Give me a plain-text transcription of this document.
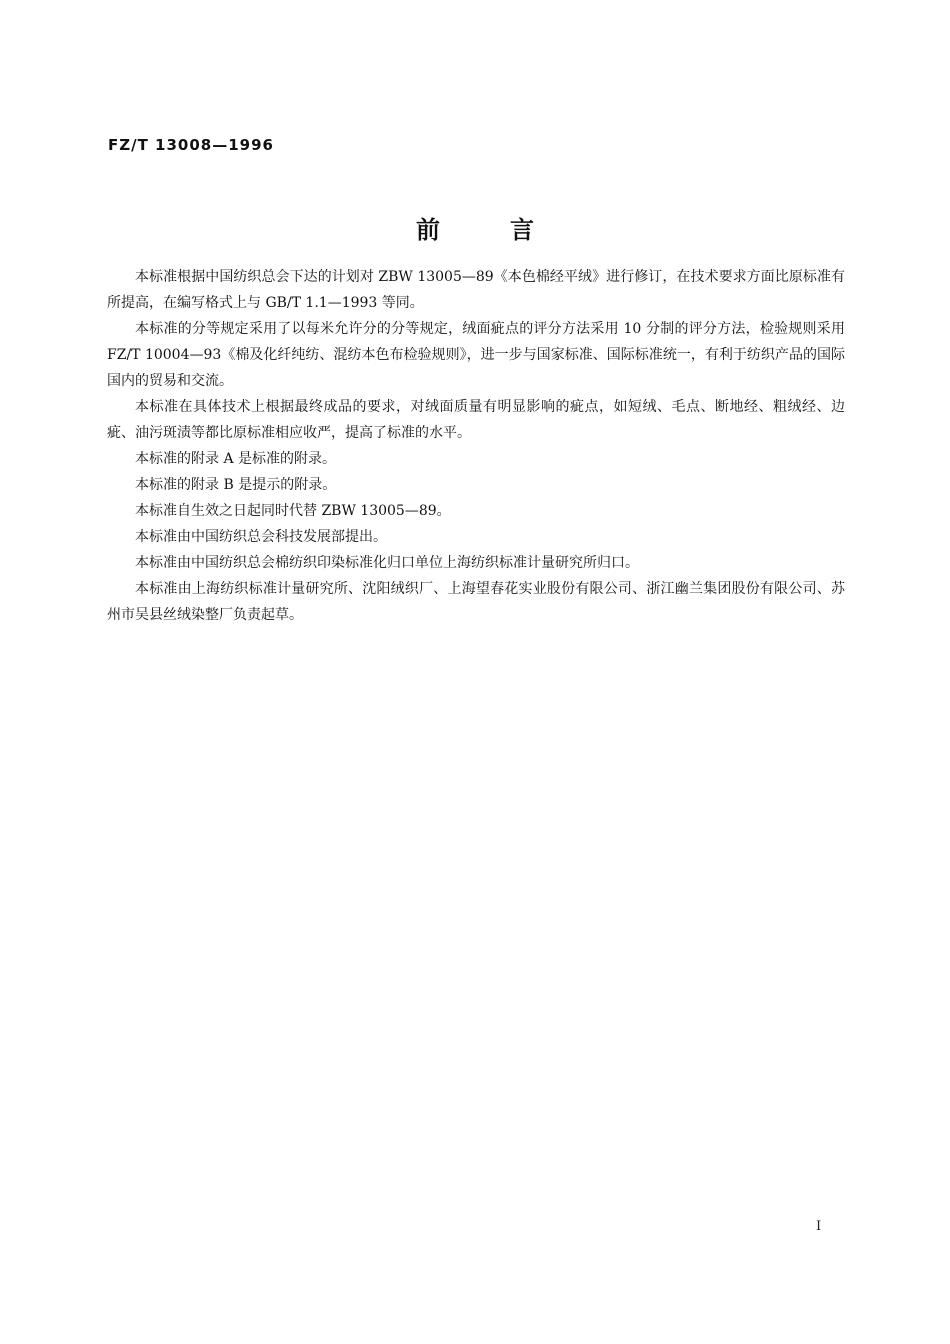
FZ/T 13008—1996
前言

本标准根据中国纺织总会下达的计划对 ZBW 13005—89《本色棉经平绒》进行修订，在技术要求方面比原标准有所提高，在编写格式上与 GB/T 1.1—1993 等同。

本标准的分等规定采用了以每米允许分的分等规定，绒面疵点的评分方法采用 10 分制的评分方法，检验规则采用 FZ/T 10004—93《棉及化纤纯纺、混纺本色布检验规则》，进一步与国家标准、国际标准统一，有利于纺织产品的国际国内的贸易和交流。

本标准在具体技术上根据最终成品的要求，对绒面质量有明显影响的疵点，如短绒、毛点、断地经、粗绒经、边疵、油污斑渍等都比原标准相应收严，提高了标准的水平。

本标准的附录 A 是标准的附录。

本标准的附录 B 是提示的附录。

本标准自生效之日起同时代替 ZBW 13005—89。

本标准由中国纺织总会科技发展部提出。

本标准由中国纺织总会棉纺织印染标准化归口单位上海纺织标准计量研究所归口。

本标准由上海纺织标准计量研究所、沈阳绒织厂、上海望春花实业股份有限公司、浙江幽兰集团股份有限公司、苏州市吴县丝绒染整厂负责起草。

I
